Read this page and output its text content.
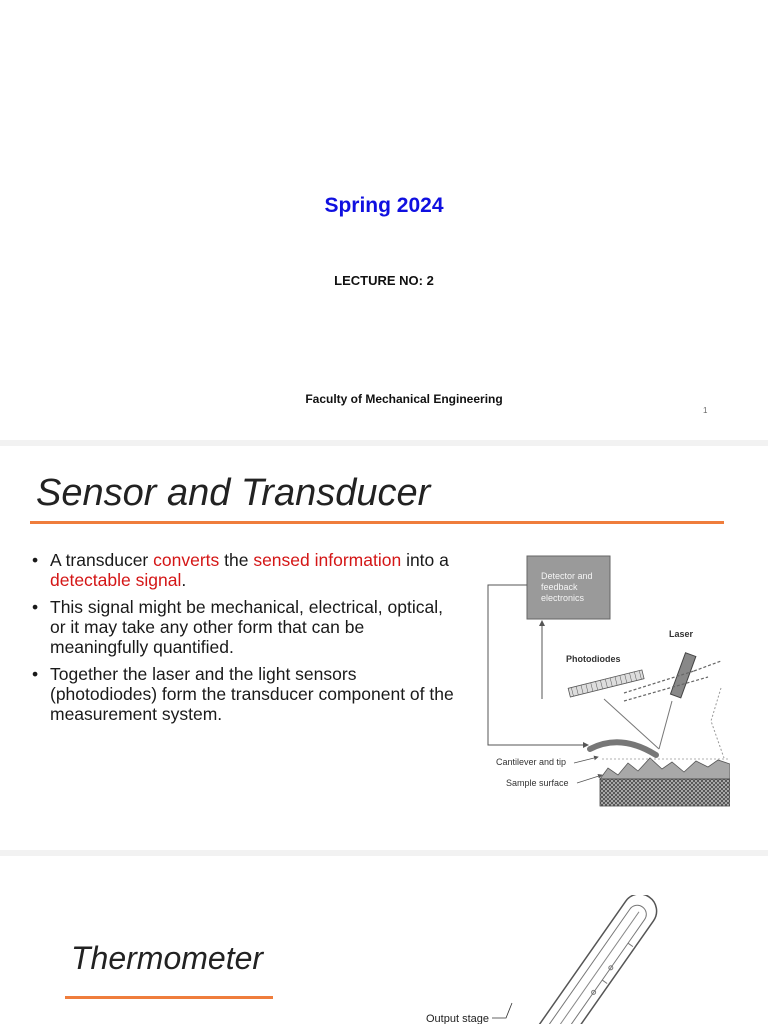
Spring 2024
LECTURE NO: 2
Faculty of Mechanical Engineering
1
Sensor and Transducer
• A transducer converts the sensed information into a detectable signal.
• This signal might be mechanical, electrical, optical, or it may take any other form that can be meaningfully quantified.
• Together the laser and the light sensors (photodiodes) form the transducer component of the measurement system.
Detector and
feedback
electronics
Photodiodes
Laser
Cantilever and tip
Sample surface
Thermometer
Output stage
